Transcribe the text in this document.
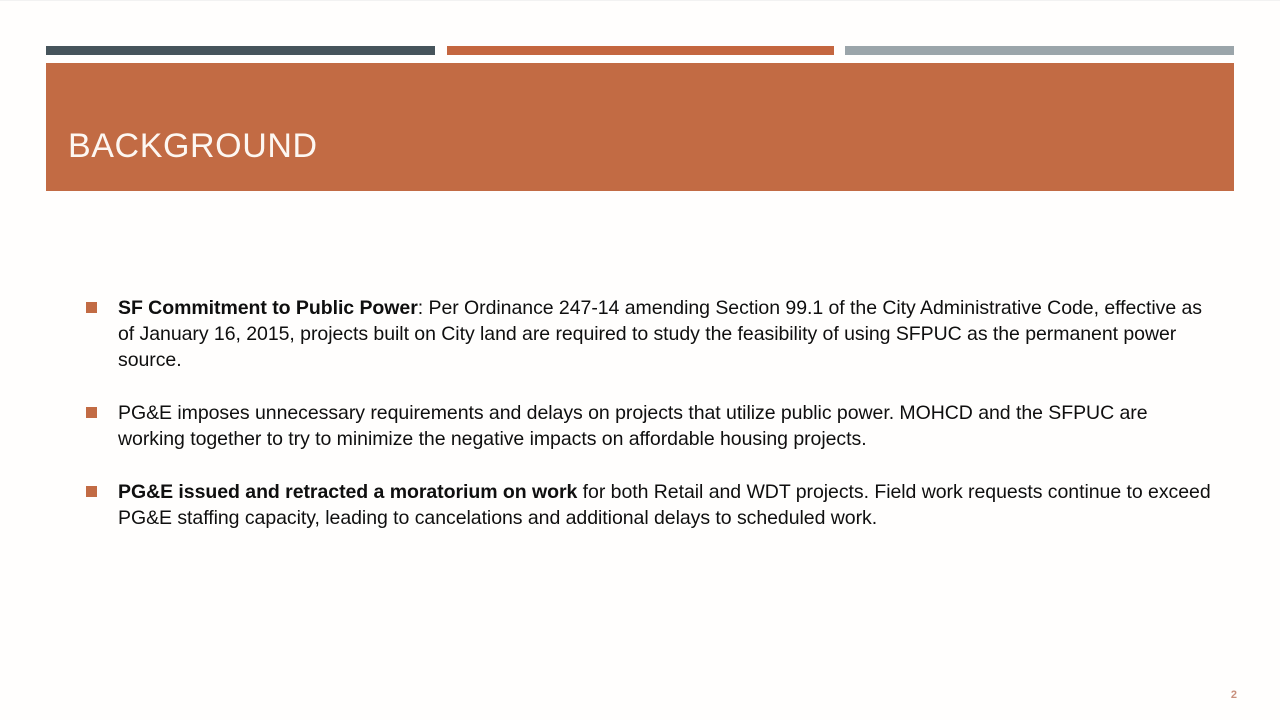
BACKGROUND
SF Commitment to Public Power: Per Ordinance 247-14 amending Section 99.1 of the City Administrative Code, effective as of January 16, 2015, projects built on City land are required to study the feasibility of using SFPUC as the permanent power source.
PG&E imposes unnecessary requirements and delays on projects that utilize public power. MOHCD and the SFPUC are working together to try to minimize the negative impacts on affordable housing projects.
PG&E issued and retracted a moratorium on work for both Retail and WDT projects. Field work requests continue to exceed PG&E staffing capacity, leading to cancelations and additional delays to scheduled work.
2
